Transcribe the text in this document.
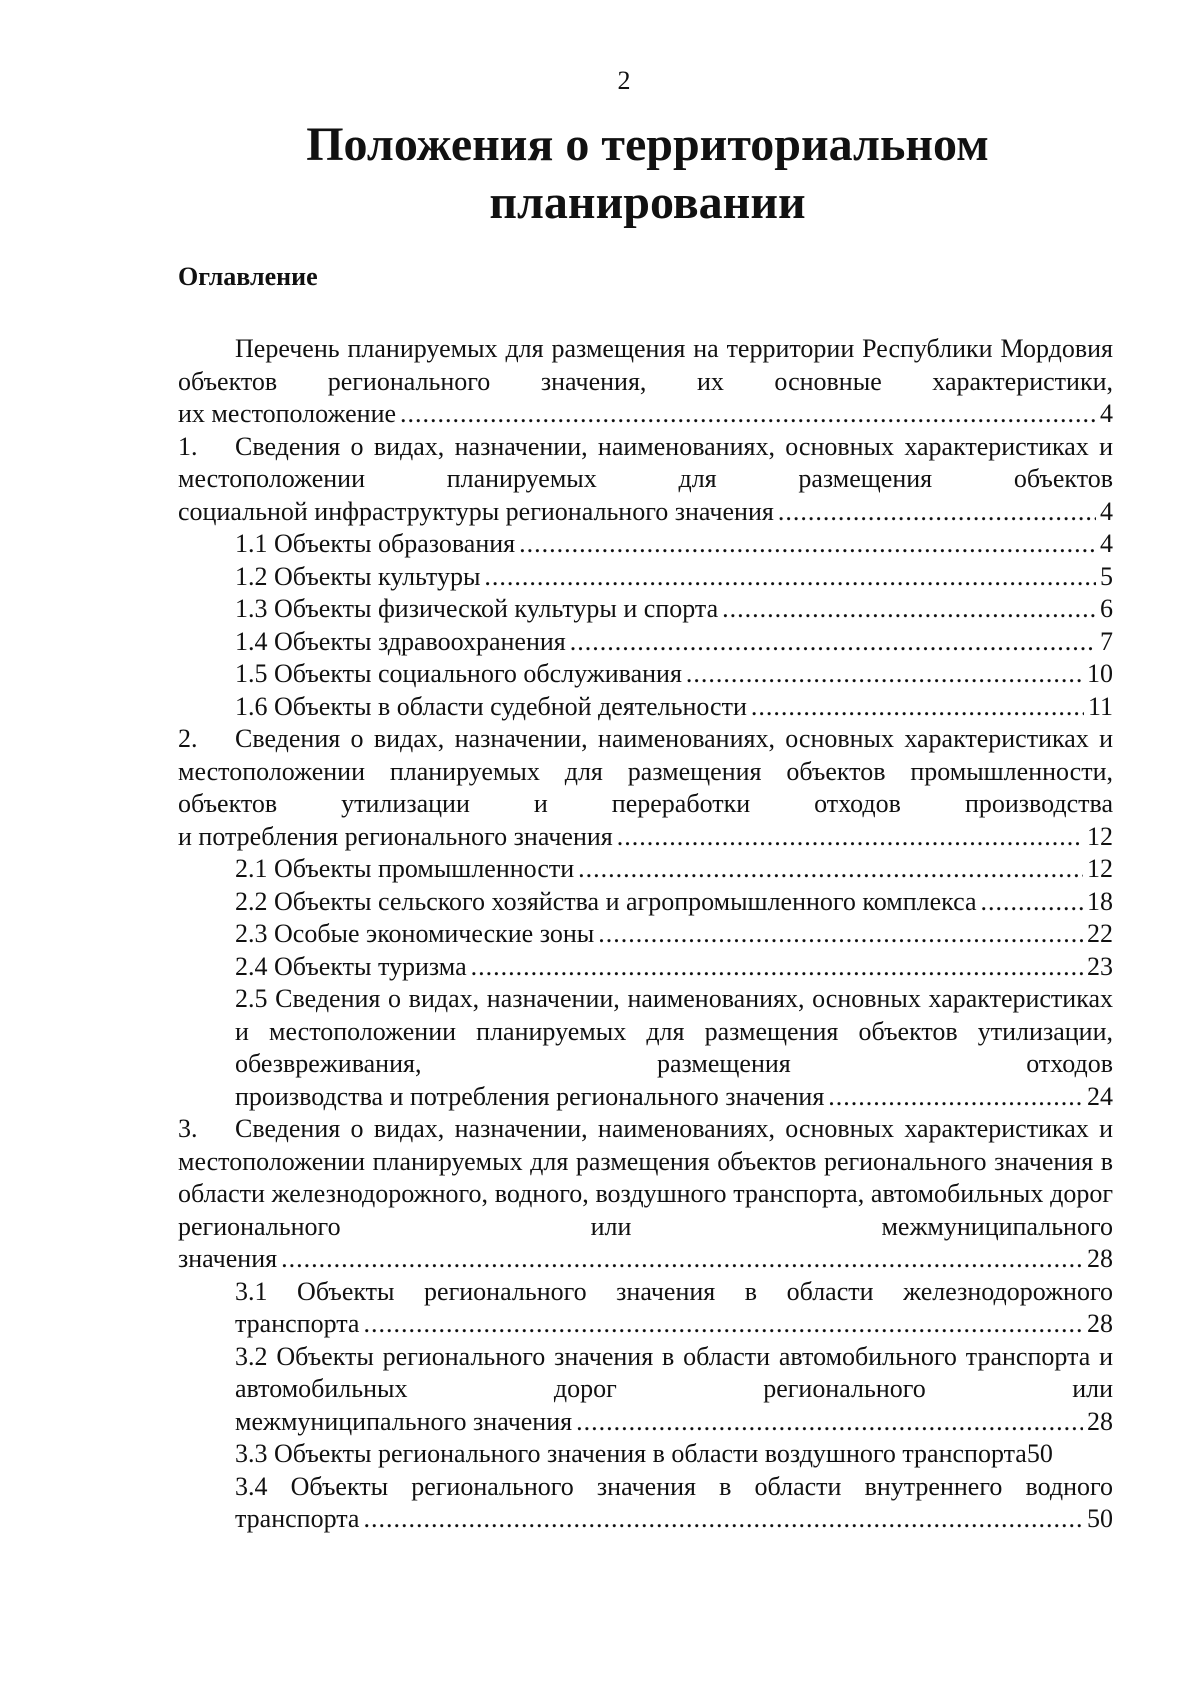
2
Положения о территориальном
планировании
Оглавление
Перечень планируемых для размещения на территории Республики Мордовия объектов регионального значения, их основные характеристики,
их местоположение .....	4
1. Сведения о видах, назначении, наименованиях, основных характеристиках и местоположении планируемых для размещения объектов
социальной инфраструктуры регионального значения .....	4
1.1 Объекты образования .....	4
1.2 Объекты культуры .....	5
1.3 Объекты физической культуры и спорта .....	6
1.4 Объекты здравоохранения .....	7
1.5 Объекты социального обслуживания .....	10
1.6 Объекты в области судебной деятельности .....	11
2. Сведения о видах, назначении, наименованиях, основных характеристиках и местоположении планируемых для размещения объектов промышленности, объектов утилизации и переработки отходов производства
и потребления регионального значения .....	12
2.1 Объекты промышленности .....	12
2.2 Объекты сельского хозяйства и агропромышленного комплекса .....	18
2.3 Особые экономические зоны .....	22
2.4 Объекты туризма .....	23
2.5 Сведения о видах, назначении, наименованиях, основных характеристиках и местоположении планируемых для размещения объектов утилизации, обезвреживания, размещения отходов
производства и потребления регионального значения .....	24
3. Сведения о видах, назначении, наименованиях, основных характеристиках и местоположении планируемых для размещения объектов регионального значения в области железнодорожного, водного, воздушного транспорта, автомобильных дорог регионального или межмуниципального
значения .....	28
3.1 Объекты регионального значения в области железнодорожного
транспорта .....	28
3.2 Объекты регионального значения в области автомобильного транспорта и автомобильных дорог регионального или
межмуниципального значения .....	28
3.3 Объекты регионального значения в области воздушного транспорта 50
3.4 Объекты регионального значения в области внутреннего водного
транспорта .....	50
